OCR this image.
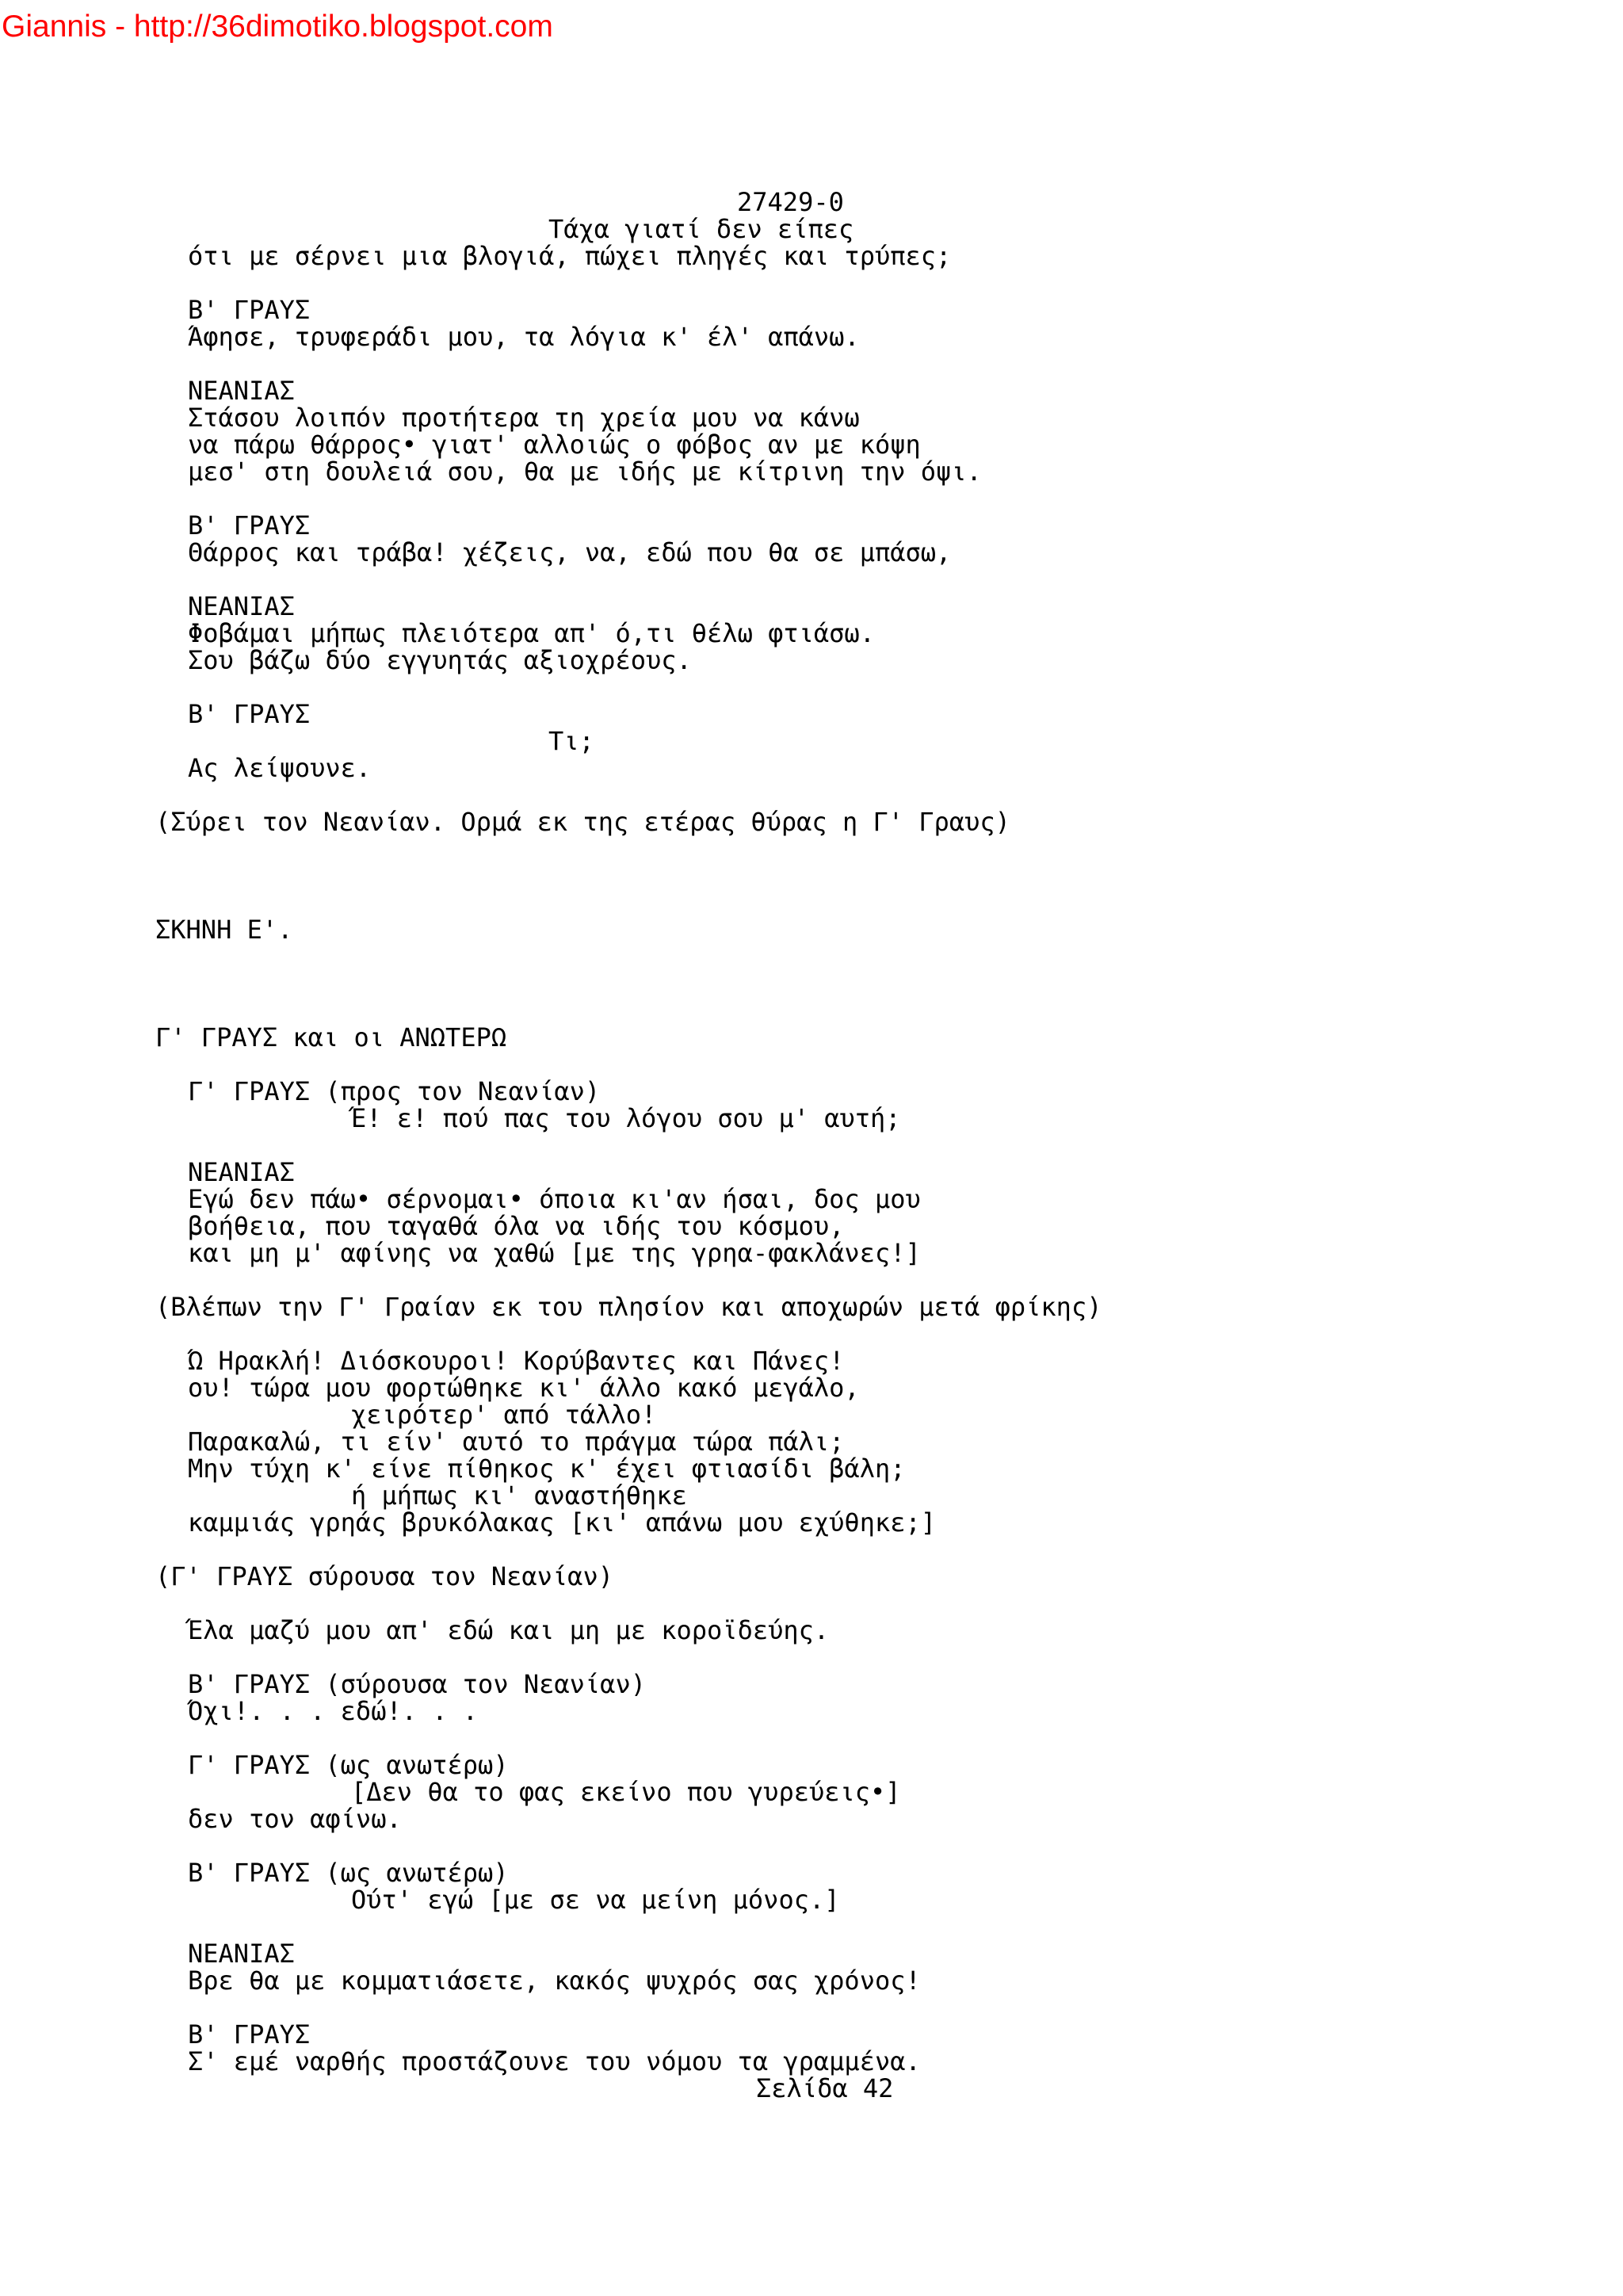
Giannis - http://36dimotiko.blogspot.com
27429-0
Τάχα γιατί δεν είπες
ότι με σέρνει μια βλογιά, πώχει πληγές και τρύπες;
Β' ΓΡΑΥΣ
Άφησε, τρυφεράδι μου, τα λόγια κ' έλ' απάνω.
ΝΕΑΝΙΑΣ
Στάσου λοιπόν προτήτερα τη χρεία μου να κάνω
να πάρω θάρρος• γιατ' αλλοιώς ο φόβος αν με κόψη
μεσ' στη δουλειά σου, θα με ιδής με κίτρινη την όψι.
Β' ΓΡΑΥΣ
Θάρρος και τράβα! χέζεις, να, εδώ που θα σε μπάσω,
ΝΕΑΝΙΑΣ
Φοβάμαι μήπως πλειότερα απ' ό,τι θέλω φτιάσω.
Σου βάζω δύο εγγυητάς αξιοχρέους.
Β' ΓΡΑΥΣ
Τι;
Ας λείψουνε.
(Σύρει τον Νεανίαν. Ορμά εκ της ετέρας θύρας η Γ' Γραυς)
ΣΚΗΝΗ Ε'.
Γ' ΓΡΑΥΣ και οι ΑΝΩΤΕΡΩ
Γ' ΓΡΑΥΣ (προς τον Νεανίαν)
Έ! ε! πού πας του λόγου σου μ' αυτή;
ΝΕΑΝΙΑΣ
Εγώ δεν πάω• σέρνομαι• όποια κι'αν ήσαι, δος μου
βοήθεια, που ταγαθά όλα να ιδής του κόσμου,
και μη μ' αφίνης να χαθώ [με της γρηα-φακλάνες!]
(Βλέπων την Γ' Γραίαν εκ του πλησίον και αποχωρών μετά φρίκης)
Ώ Ηρακλή! Διόσκουροι! Κορύβαντες και Πάνες!
ου! τώρα μου φορτώθηκε κι' άλλο κακό μεγάλο,
χειρότερ' από τάλλο!
Παρακαλώ, τι είν' αυτό το πράγμα τώρα πάλι;
Μην τύχη κ' είνε πίθηκος κ' έχει φτιασίδι βάλη;
ή μήπως κι' αναστήθηκε
καμμιάς γρηάς βρυκόλακας [κι' απάνω μου εχύθηκε;]
(Γ' ΓΡΑΥΣ σύρουσα τον Νεανίαν)
Έλα μαζύ μου απ' εδώ και μη με κοροϊδεύης.
Β' ΓΡΑΥΣ (σύρουσα τον Νεανίαν)
Όχι!. . . εδώ!. . .
Γ' ΓΡΑΥΣ (ως ανωτέρω)
[Δεν θα το φας εκείνο που γυρεύεις•]
δεν τον αφίνω.
Β' ΓΡΑΥΣ (ως ανωτέρω)
Ούτ' εγώ [με σε να μείνη μόνος.]
ΝΕΑΝΙΑΣ
Βρε θα με κομματιάσετε, κακός ψυχρός σας χρόνος!
Β' ΓΡΑΥΣ
Σ' εμέ ναρθής προστάζουνε του νόμου τα γραμμένα.
Σελίδα 42
